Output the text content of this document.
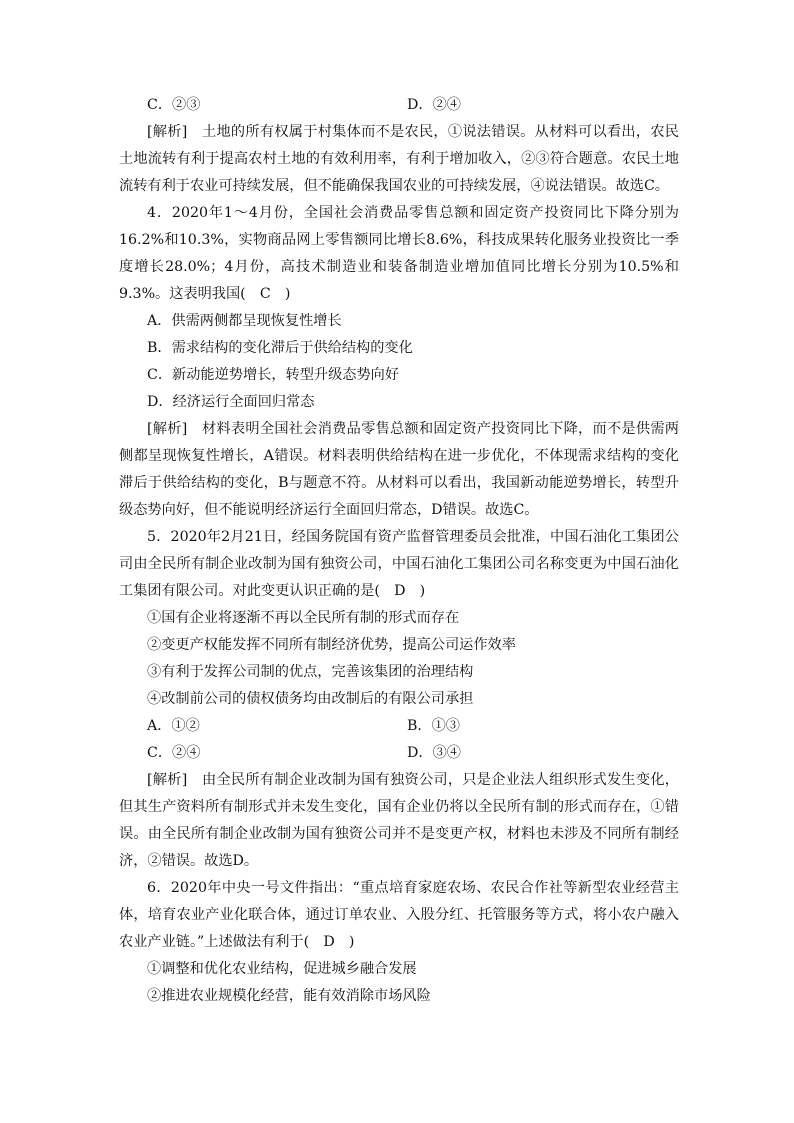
C．②③	D．②④
[解析]　土地的所有权属于村集体而不是农民，①说法错误。从材料可以看出，农民土地流转有利于提高农村土地的有效利用率，有利于增加收入，②③符合题意。农民土地流转有利于农业可持续发展，但不能确保我国农业的可持续发展，④说法错误。故选C。
4．2020年1～4月份，全国社会消费品零售总额和固定资产投资同比下降分别为16.2%和10.3%，实物商品网上零售额同比增长8.6%，科技成果转化服务业投资比一季度增长28.0%；4月份，高技术制造业和装备制造业增加值同比增长分别为10.5%和9.3%。这表明我国(　C　)
A．供需两侧都呈现恢复性增长
B．需求结构的变化滞后于供给结构的变化
C．新动能逆势增长，转型升级态势向好
D．经济运行全面回归常态
[解析]　材料表明全国社会消费品零售总额和固定资产投资同比下降，而不是供需两侧都呈现恢复性增长，A错误。材料表明供给结构在进一步优化，不体现需求结构的变化滞后于供给结构的变化，B与题意不符。从材料可以看出，我国新动能逆势增长，转型升级态势向好，但不能说明经济运行全面回归常态，D错误。故选C。
5．2020年2月21日，经国务院国有资产监督管理委员会批准，中国石油化工集团公司由全民所有制企业改制为国有独资公司，中国石油化工集团公司名称变更为中国石油化工集团有限公司。对此变更认识正确的是(　D　)
①国有企业将逐渐不再以全民所有制的形式而存在
②变更产权能发挥不同所有制经济优势，提高公司运作效率
③有利于发挥公司制的优点，完善该集团的治理结构
④改制前公司的债权债务均由改制后的有限公司承担
A．①②	B．①③
C．②④	D．③④
[解析]　由全民所有制企业改制为国有独资公司，只是企业法人组织形式发生变化，但其生产资料所有制形式并未发生变化，国有企业仍将以全民所有制的形式而存在，①错误。由全民所有制企业改制为国有独资公司并不是变更产权，材料也未涉及不同所有制经济，②错误。故选D。
6．2020年中央一号文件指出：“重点培育家庭农场、农民合作社等新型农业经营主体，培育农业产业化联合体，通过订单农业、入股分红、托管服务等方式，将小农户融入农业产业链。”上述做法有利于(　D　)
①调整和优化农业结构，促进城乡融合发展
②推进农业规模化经营，能有效消除市场风险
